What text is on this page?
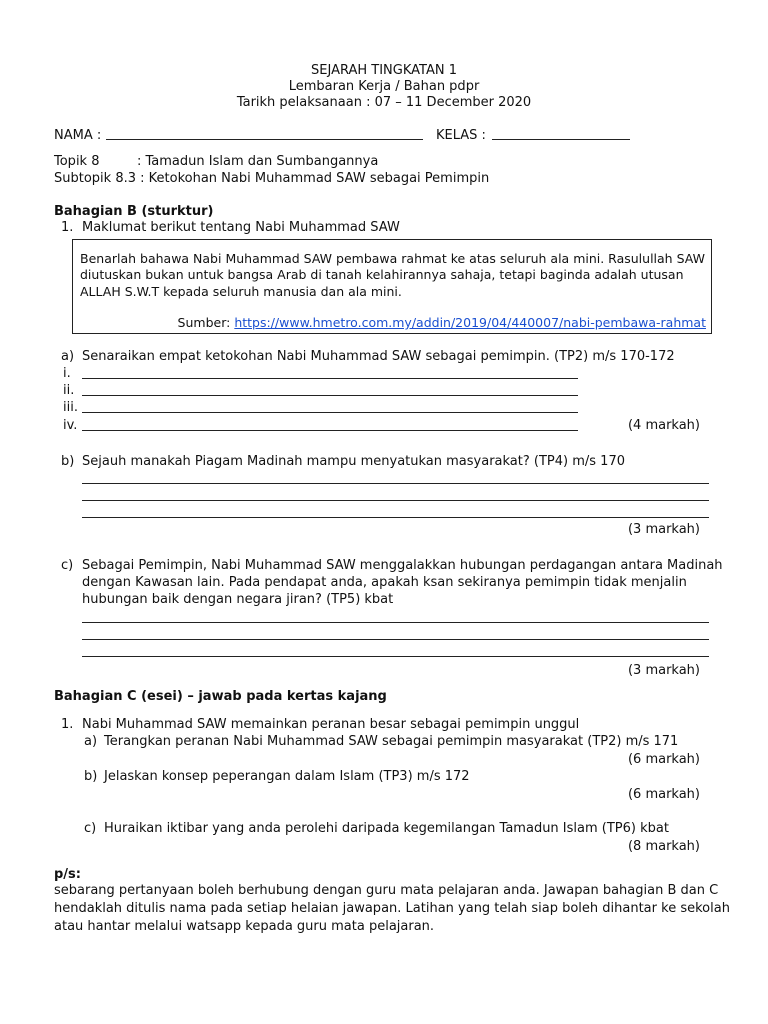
SEJARAH TINGKATAN 1
Lembaran Kerja / Bahan pdpr
Tarikh pelaksanaan : 07 – 11 December 2020
NAMA :	KELAS :
Topik 8	: Tamadun Islam dan Sumbangannya
Subtopik 8.3 : Ketokohan Nabi Muhammad SAW sebagai Pemimpin
Bahagian B (sturktur)
1. Maklumat berikut tentang Nabi Muhammad SAW
Benarlah bahawa Nabi Muhammad SAW pembawa rahmat ke atas seluruh ala mini. Rasulullah SAW
diutuskan bukan untuk bangsa Arab di tanah kelahirannya sahaja, tetapi baginda adalah utusan
ALLAH S.W.T kepada seluruh manusia dan ala mini.
Sumber: https://www.hmetro.com.my/addin/2019/04/440007/nabi-pembawa-rahmat
a) Senaraikan empat ketokohan Nabi Muhammad SAW sebagai pemimpin. (TP2) m/s 170-172
i.
ii.
iii.
iv.	(4 markah)
b) Sejauh manakah Piagam Madinah mampu menyatukan masyarakat? (TP4) m/s 170
(3 markah)
c) Sebagai Pemimpin, Nabi Muhammad SAW menggalakkan hubungan perdagangan antara Madinah
dengan Kawasan lain. Pada pendapat anda, apakah ksan sekiranya pemimpin tidak menjalin
hubungan baik dengan negara jiran? (TP5) kbat
(3 markah)
Bahagian C (esei) – jawab pada kertas kajang
1. Nabi Muhammad SAW memainkan peranan besar sebagai pemimpin unggul
a) Terangkan peranan Nabi Muhammad SAW sebagai pemimpin masyarakat (TP2) m/s 171
(6 markah)
b) Jelaskan konsep peperangan dalam Islam (TP3) m/s 172
(6 markah)
c) Huraikan iktibar yang anda perolehi daripada kegemilangan Tamadun Islam (TP6) kbat
(8 markah)
p/s:
sebarang pertanyaan boleh berhubung dengan guru mata pelajaran anda. Jawapan bahagian B dan C
hendaklah ditulis nama pada setiap helaian jawapan. Latihan yang telah siap boleh dihantar ke sekolah
atau hantar melalui watsapp kepada guru mata pelajaran.
